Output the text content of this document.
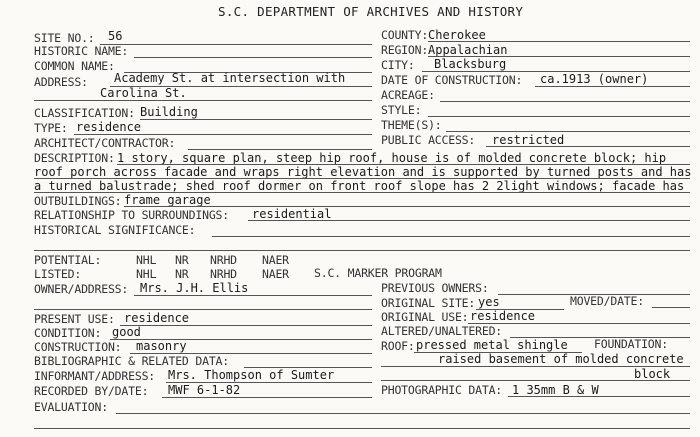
S.C. DEPARTMENT OF ARCHIVES AND HISTORY
SITE NO.: 56
HISTORIC NAME:
COMMON NAME:
ADDRESS: Academy St. at intersection with
Carolina St.
CLASSIFICATION: Building
TYPE: residence
ARCHITECT/CONTRACTOR:
COUNTY: Cherokee
REGION: Appalachian
CITY: Blacksburg
DATE OF CONSTRUCTION: ca.1913 (owner)
ACREAGE:
STYLE:
THEME(S):
PUBLIC ACCESS: restricted
DESCRIPTION: 1 story, square plan, steep hip roof, house is of molded concrete block; hip
roof porch across facade and wraps right elevation and is supported by turned posts and has
a turned balustrade; shed roof dormer on front roof slope has 2 2light windows; facade has
OUTBUILDINGS: frame garage
RELATIONSHIP TO SURROUNDINGS: residential
HISTORICAL SIGNIFICANCE:
POTENTIAL:	NHL NR NRHD NAER
LISTED:	NHL NR NRHD NAER S.C. MARKER PROGRAM
OWNER/ADDRESS: Mrs. J.H. Ellis	PREVIOUS OWNERS:
ORIGINAL SITE: yes	MOVED/DATE:
PRESENT USE: residence
CONDITION: good
CONSTRUCTION: masonry
BIBLIOGRAPHIC & RELATED DATA:
INFORMANT/ADDRESS: Mrs. Thompson of Sumter
RECORDED BY/DATE: MWF 6-1-82
EVALUATION:
ORIGINAL USE: residence
ALTERED/UNALTERED:
ROOF: pressed metal shingle FOUNDATION:
raised basement of molded concrete
block
PHOTOGRAPHIC DATA: 1 35mm B & W
